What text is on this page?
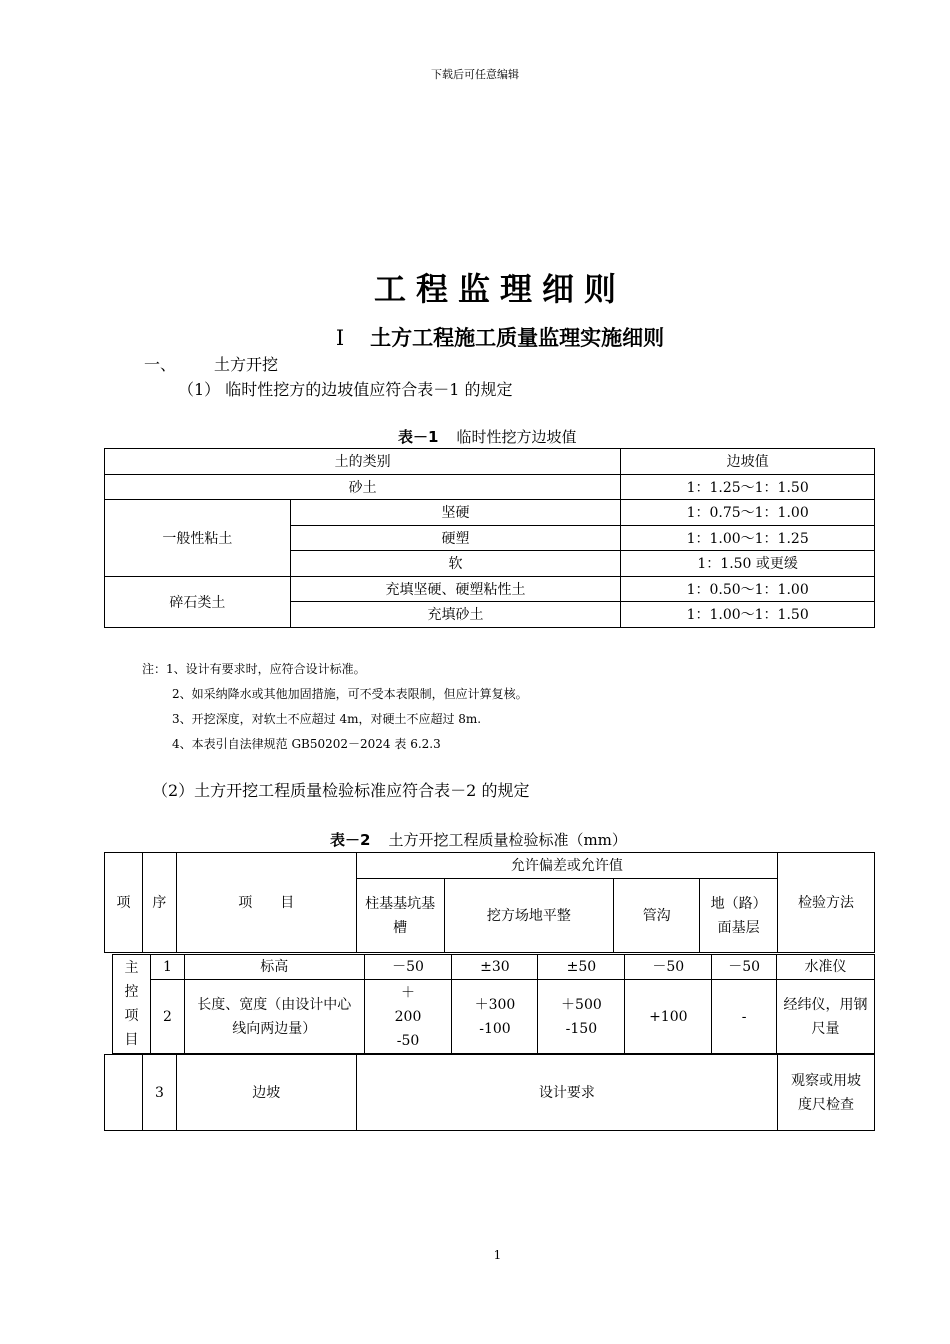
下载后可任意编辑
工程监理细则
I 土方工程施工质量监理实施细则
一、 土方开挖
（1） 临时性挖方的边坡值应符合表－1 的规定
表－1 临时性挖方边坡值
土的类别		边坡值
砂土		1：1.25～1：1.50
一般性粘土	坚硬	1：0.75～1：1.00
	硬塑	1：1.00～1：1.25
	软	1：1.50 或更缓
碎石类土	充填坚硬、硬塑粘性土	1：0.50～1：1.00
	充填砂土	1：1.00～1：1.50
注：1、设计有要求时，应符合设计标准。
2、如采纳降水或其他加固措施，可不受本表限制，但应计算复核。
3、开挖深度，对软土不应超过 4m，对硬土不应超过 8m.
4、本表引自法律规范 GB50202－2024 表 6.2.3
（2）土方开挖工程质量检验标准应符合表－2 的规定
表－2 土方开挖工程质量检验标准（mm）
项	序	项　　目	允许偏差或允许值				检验方法
			柱基基坑基槽	挖方场地平整	管沟	地（路）面基层	
主控项目	1	标高	－50	±30	±50	－50	－50	水准仪
	2	长度、宽度（由设计中心线向两边量）	＋200 -50	＋300 -100	＋500 -150	+100	-	经纬仪，用钢尺量
	3	边坡	设计要求	观察或用坡度尺检查
1
